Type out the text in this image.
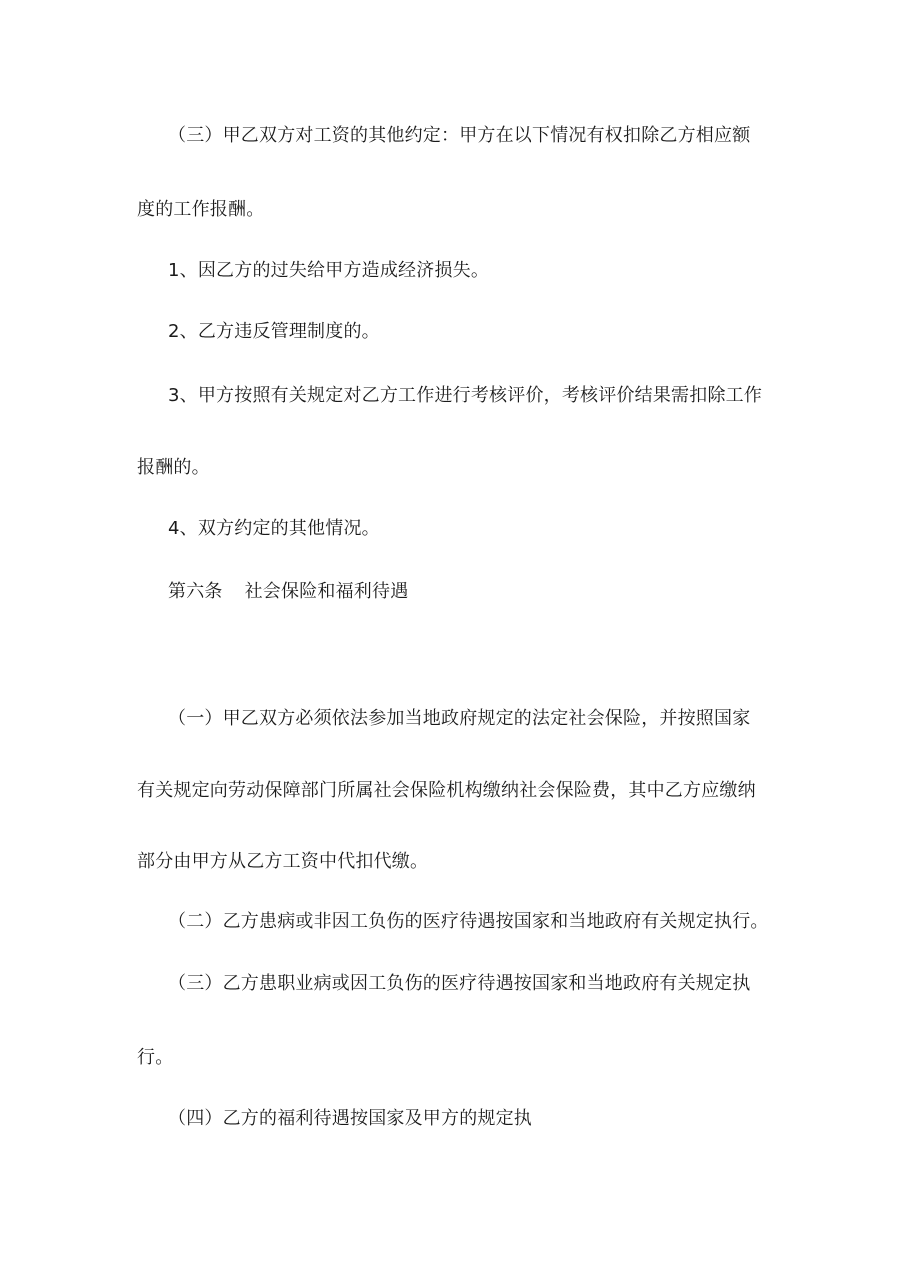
（三）甲乙双方对工资的其他约定：甲方在以下情况有权扣除乙方相应额
度的工作报酬。
1、因乙方的过失给甲方造成经济损失。
2、乙方违反管理制度的。
3、甲方按照有关规定对乙方工作进行考核评价，考核评价结果需扣除工作
报酬的。
4、双方约定的其他情况。
第六条 社会保险和福利待遇
（一）甲乙双方必须依法参加当地政府规定的法定社会保险，并按照国家
有关规定向劳动保障部门所属社会保险机构缴纳社会保险费，其中乙方应缴纳
部分由甲方从乙方工资中代扣代缴。
（二）乙方患病或非因工负伤的医疗待遇按国家和当地政府有关规定执行。
（三）乙方患职业病或因工负伤的医疗待遇按国家和当地政府有关规定执
行。
（四）乙方的福利待遇按国家及甲方的规定执
